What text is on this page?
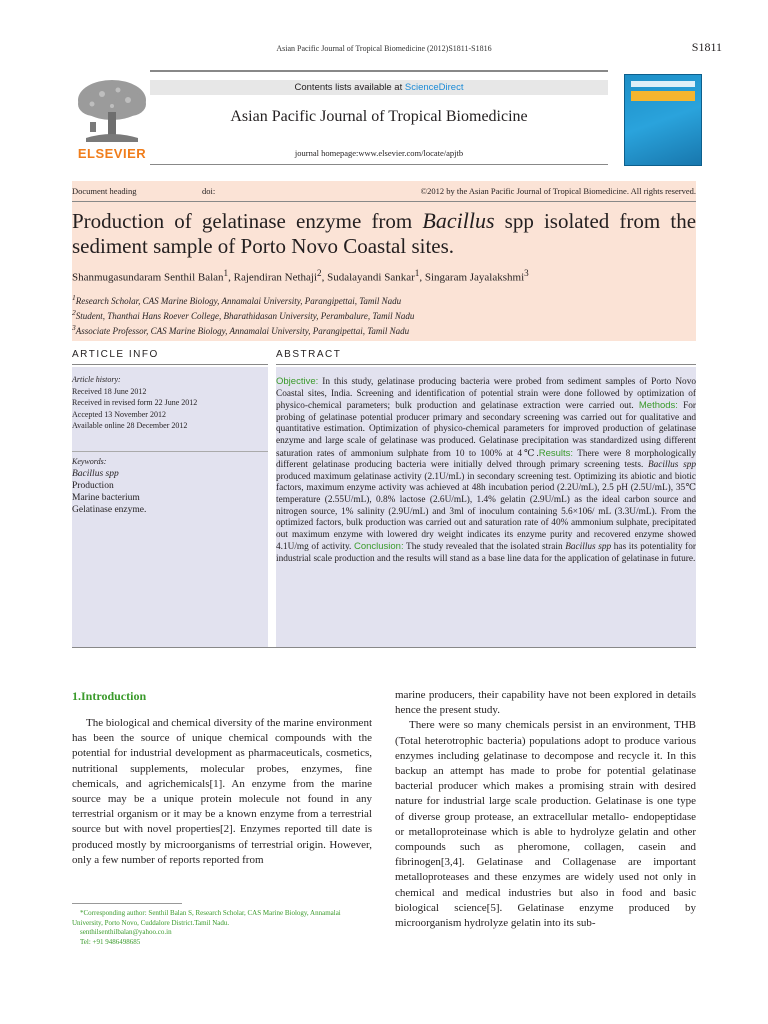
Asian Pacific Journal of Tropical Biomedicine (2012)S1811-S1816	S1811
ELSEVIER
Contents lists available at ScienceDirect
Asian Pacific Journal of Tropical Biomedicine
journal homepage:www.elsevier.com/locate/apjtb
Document heading	doi:	©2012 by the Asian Pacific Journal of Tropical Biomedicine. All rights reserved.
Production of gelatinase enzyme from Bacillus spp isolated from the sediment sample of Porto Novo Coastal sites.
Shanmugasundaram Senthil Balan$^1$, Rajendiran Nethaji$^2$, Sudalayandi Sankar$^1$, Singaram Jayalakshmi$^3$
$^1$Research Scholar, CAS Marine Biology, Annamalai University, Parangipettai, Tamil Nadu
$^2$Student, Thanthai Hans Roever College, Bharathidasan University, Perambalure, Tamil Nadu
$^3$Associate Professor, CAS Marine Biology, Annamalai University, Parangipettai, Tamil Nadu
ARTICLE INFO	ABSTRACT
Article history:
Received 18 June 2012
Received in revised form 22 June 2012
Accepted 13 November 2012
Available online 28 December 2012
Keywords:
Bacillus spp
Production
Marine bacterium
Gelatinase enzyme.
Objective: In this study, gelatinase producing bacteria were probed from sediment samples of Porto Novo Coastal sites, India. Screening and identification of potential strain were done followed by optimization of physico-chemical parameters; bulk production and gelatinase extraction were carried out. Methods: For probing of gelatinase potential producer primary and secondary screening was carried out for qualitative and quantitative estimation. Optimization of physico-chemical parameters for improved production of gelatinase enzyme and large scale of gelatinase was produced. Gelatinase precipitation was standardized using different saturation rates of ammonium sulphate from 10 to 100% at 4℃.Results: There were 8 morphologically different gelatinase producing bacteria were initially delved through primary screening tests. Bacillus spp produced maximum gelatinase activity (2.1U/mL) in secondary screening test. Optimizing its abiotic and biotic factors, maximum enzyme activity was achieved at 48h incubation period (2.2U/mL), 2.5 pH (2.5U/mL), 35℃ temperature (2.55U/mL), 0.8% lactose (2.6U/mL), 1.4% gelatin (2.9U/mL) as the ideal carbon source and nitrogen source, 1% salinity (2.9U/mL) and 3ml of inoculum containing 5.6×106/ mL (3.3U/mL). From the optimized factors, bulk production was carried out and saturation rate of 40% ammonium sulphate, precipitated out maximum enzyme with lowered dry weight indicates its enzyme purity and recovered enzyme showed 4.1U/mg of activity. Conclusion: The study revealed that the isolated strain Bacillus spp has its potentiality for industrial scale production and the results will stand as a base line data for the application of gelatinase in future.
1.Introduction

The biological and chemical diversity of the marine environment has been the source of unique chemical compounds with the potential for industrial development as pharmaceuticals, cosmetics, nutritional supplements, molecular probes, enzymes, fine chemicals, and agrichemicals[1]. An enzyme from the marine source may be a unique protein molecule not found in any terrestrial organism or it may be a known enzyme from a terrestrial source but with novel properties[2]. Enzymes reported till date is produced mostly by microorganisms of terrestrial origin. However, only a few number of reports reported from

marine producers, their capability have not been explored in details hence the present study.

There were so many chemicals persist in an environment, THB (Total heterotrophic bacteria) populations adopt to produce various enzymes including gelatinase to decompose and recycle it. In this backup an attempt has made to probe for potential gelatinase bacterial producer which makes a promising strain with desired nature for industrial large scale production. Gelatinase is one type of diverse group protease, an extracellular metallo- endopeptidase or metalloproteinase which is able to hydrolyze gelatin and other compounds such as pheromone, collagen, casein and fibrinogen[3,4]. Gelatinase and Collagenase are important metalloproteases and these enzymes are widely used not only in chemical and medical industries but also in food and basic biological science[5]. Gelatinase enzyme produced by microorganism hydrolyze gelatin into its sub-

*Corresponding author: Senthil Balan S, Research Scholar, CAS Marine Biology, Annamalai University, Porto Novo, Cuddalore District.Tamil Nadu.
senthilsenthilbalan@yahoo.co.in
Tel: +91 9486498685
